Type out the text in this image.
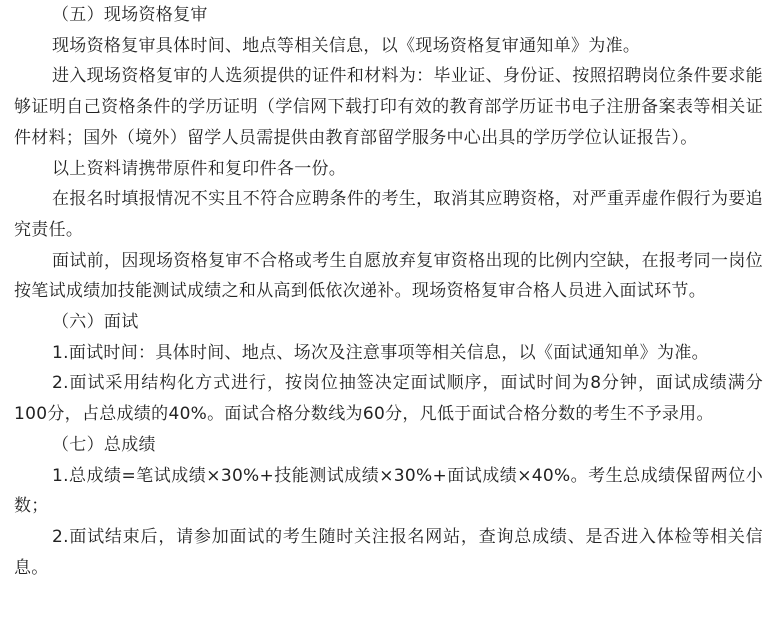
（五）现场资格复审

现场资格复审具体时间、地点等相关信息，以《现场资格复审通知单》为准。

进入现场资格复审的人选须提供的证件和材料为：毕业证、身份证、按照招聘岗位条件要求能够证明自己资格条件的学历证明（学信网下载打印有效的教育部学历证书电子注册备案表等相关证件材料；国外（境外）留学人员需提供由教育部留学服务中心出具的学历学位认证报告）。

以上资料请携带原件和复印件各一份。

在报名时填报情况不实且不符合应聘条件的考生，取消其应聘资格，对严重弄虚作假行为要追究责任。

面试前，因现场资格复审不合格或考生自愿放弃复审资格出现的比例内空缺，在报考同一岗位按笔试成绩加技能测试成绩之和从高到低依次递补。现场资格复审合格人员进入面试环节。

（六）面试

1.面试时间：具体时间、地点、场次及注意事项等相关信息，以《面试通知单》为准。

2.面试采用结构化方式进行，按岗位抽签决定面试顺序，面试时间为8分钟，面试成绩满分100分，占总成绩的40%。面试合格分数线为60分，凡低于面试合格分数的考生不予录用。

（七）总成绩

1.总成绩=笔试成绩×30%+技能测试成绩×30%+面试成绩×40%。考生总成绩保留两位小数；

2.面试结束后，请参加面试的考生随时关注报名网站，查询总成绩、是否进入体检等相关信息。
